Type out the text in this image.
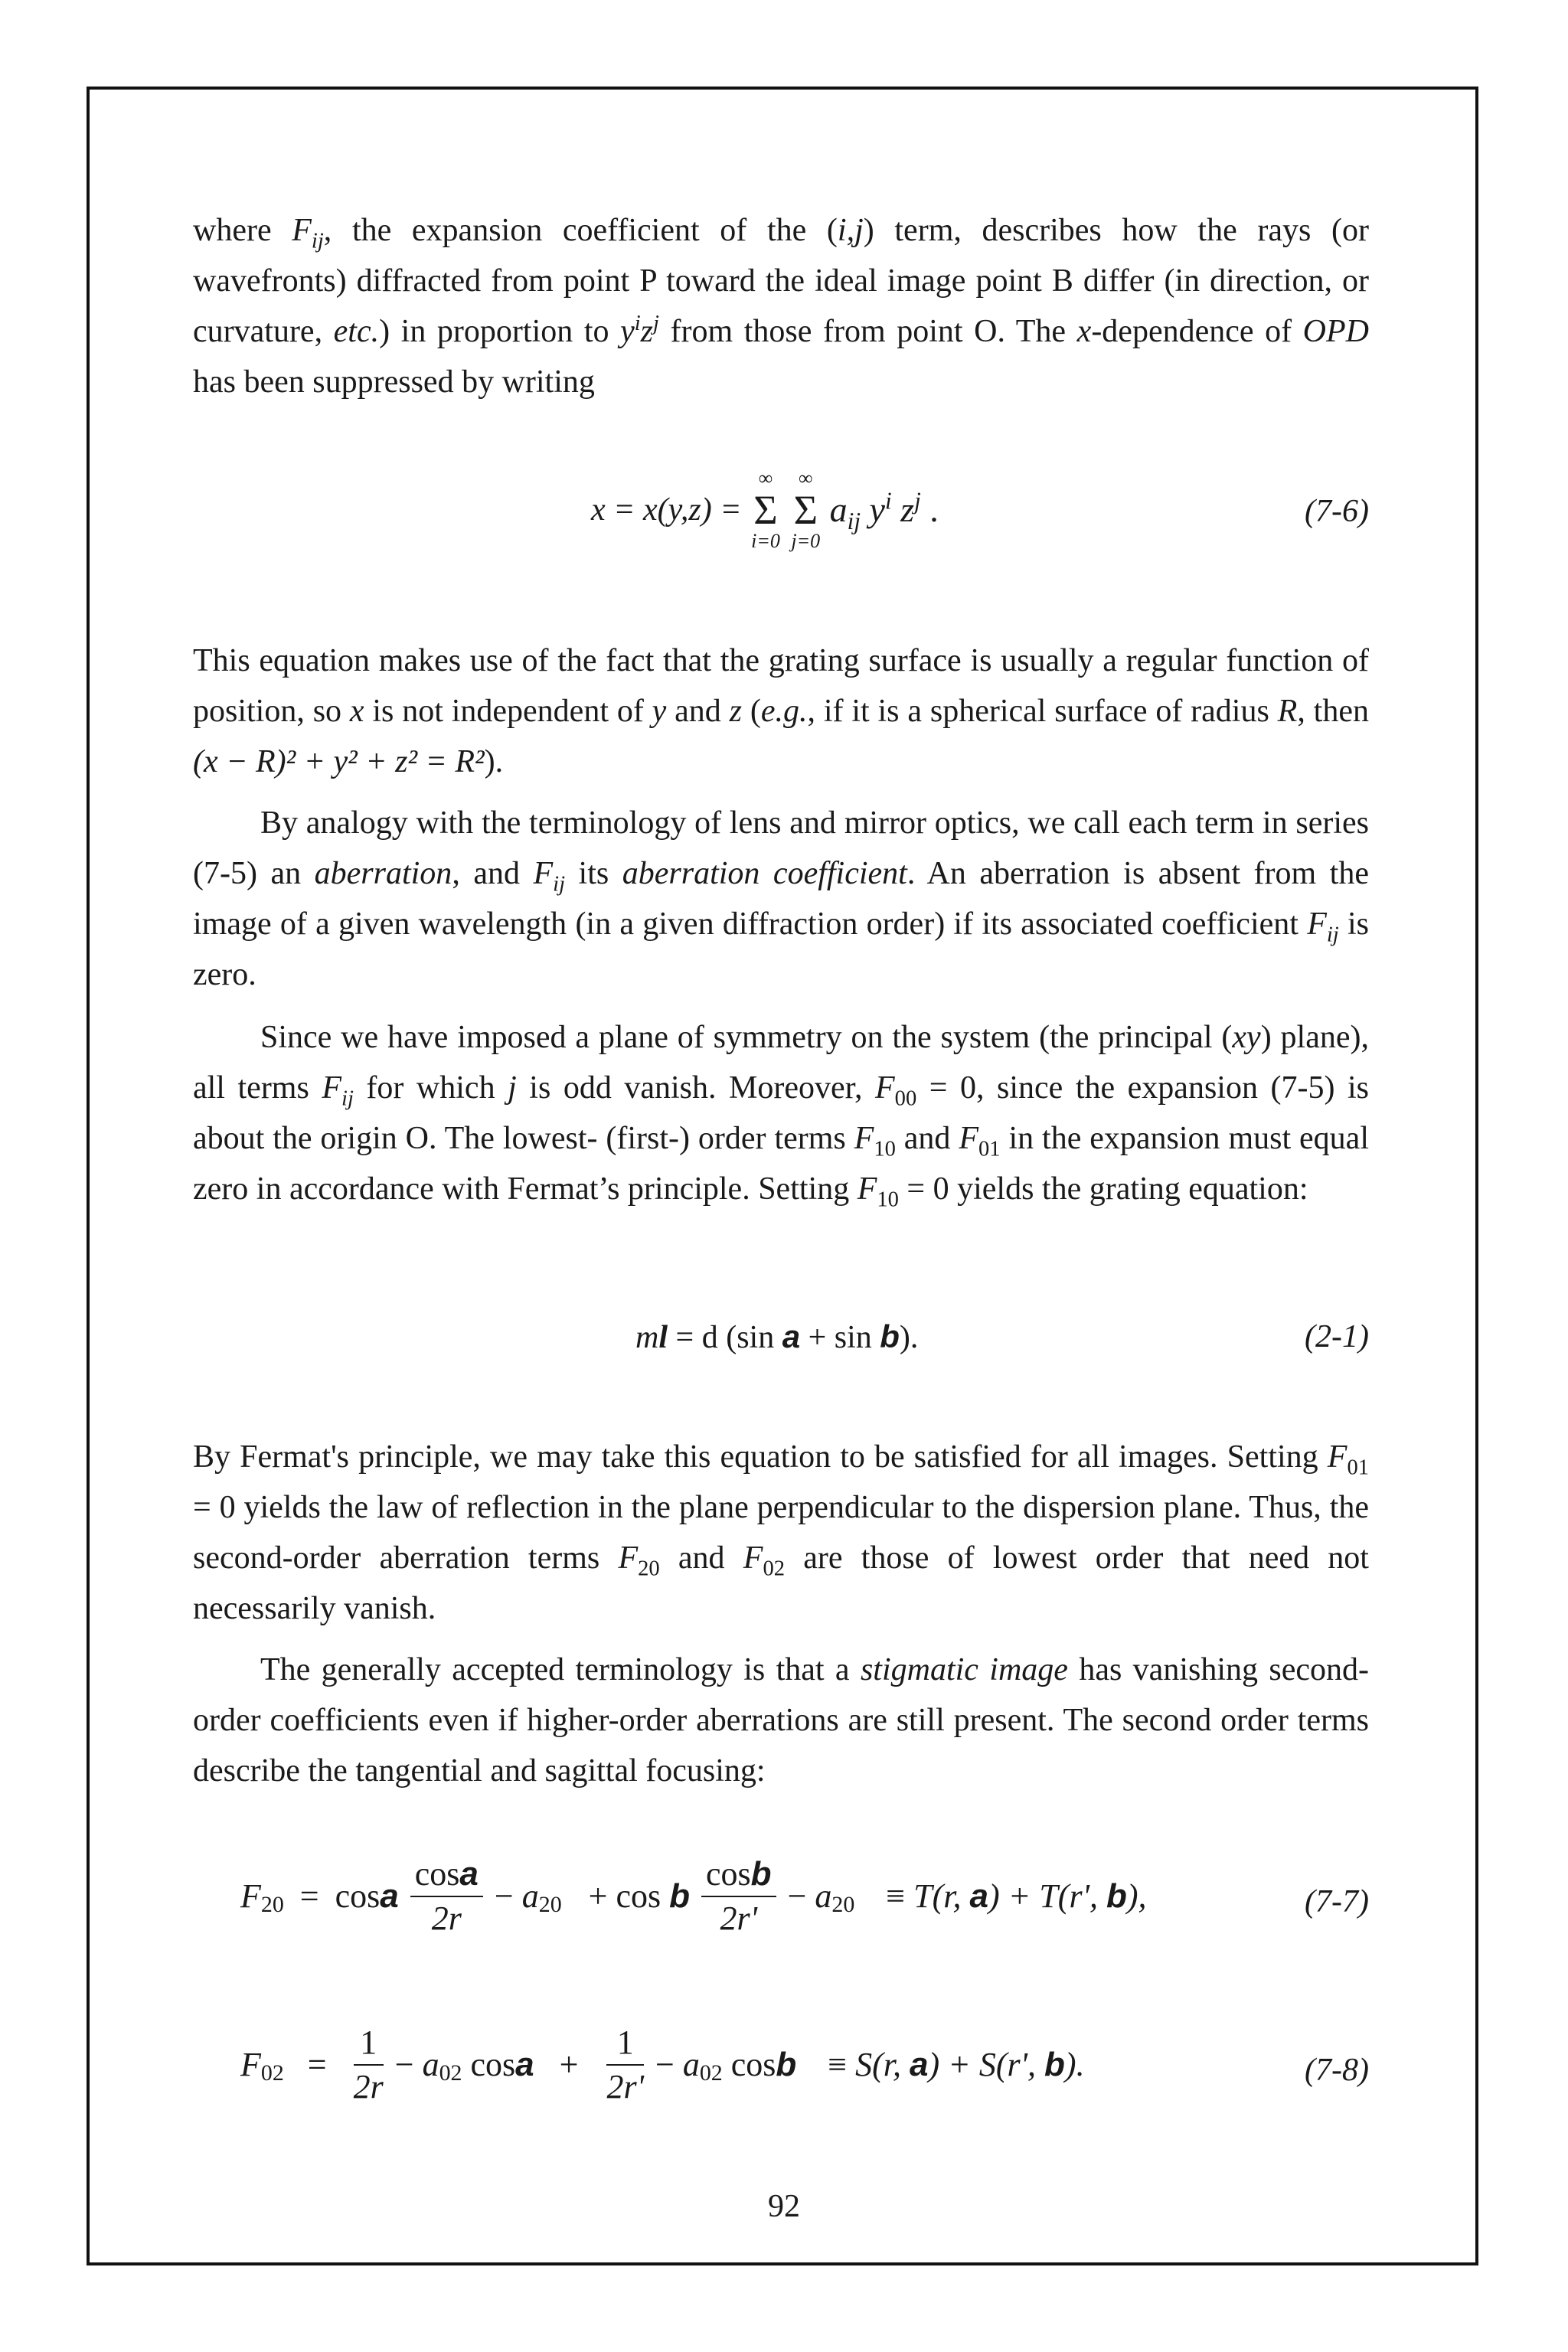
where $F_{ij}$, the expansion coefficient of the (i,j) term, describes how the rays (or wavefronts) diffracted from point P toward the ideal image point B differ (in direction, or curvature, etc.) in proportion to $y^iz^j$ from those from point O. The x-dependence of OPD has been suppressed by writing

x = x(y,z) =
∞
Σ
i=0

∞
Σ
j=0
$a_{ij}$ $y^i$ $z^j$ .	(7-6)

This equation makes use of the fact that the grating surface is usually a regular function of position, so x is not independent of y and z (e.g., if it is a spherical surface of radius R, then (x − R)² + y² + z² = R²).

By analogy with the terminology of lens and mirror optics, we call each term in series (7-5) an aberration, and $F_{ij}$ its aberration coefficient. An aberration is absent from the image of a given wavelength (in a given diffraction order) if its associated coefficient $F_{ij}$ is zero.

Since we have imposed a plane of symmetry on the system (the principal (xy) plane), all terms $F_{ij}$ for which j is odd vanish. Moreover, $F_{00} = 0$, since the expansion (7-5) is about the origin O. The lowest- (first-) order terms $F_{10}$ and $F_{01}$ in the expansion must equal zero in accordance with Fermat’s principle. Setting $F_{10} = 0$ yields the grating equation:

ml = d (sin a + sin b).	(2-1)

By Fermat's principle, we may take this equation to be satisfied for all images. Setting $F_{01} = 0$ yields the law of reflection in the plane perpendicular to the dispersion plane. Thus, the second-order aberration terms $F_{20}$ and $F_{02}$ are those of lowest order that need not necessarily vanish.

The generally accepted terminology is that a stigmatic image has vanishing second-order coefficients even if higher-order aberrations are still present. The second order terms describe the tangential and sagittal focusing:

$F_{20} = \cos a \frac{\cos a}{2r} - a_{20} + \cos b \frac{\cos b}{2r'} - a_{20} \equiv T(r$, a) + T(r', b),	(7-7)
$F_{02} = \frac{1}{2r} - a_{02}$ $\cos a + \frac{1}{2r'} - a_{02}$ cosb ≡ S(r, a) + S(r', b).	(7-8)
92
